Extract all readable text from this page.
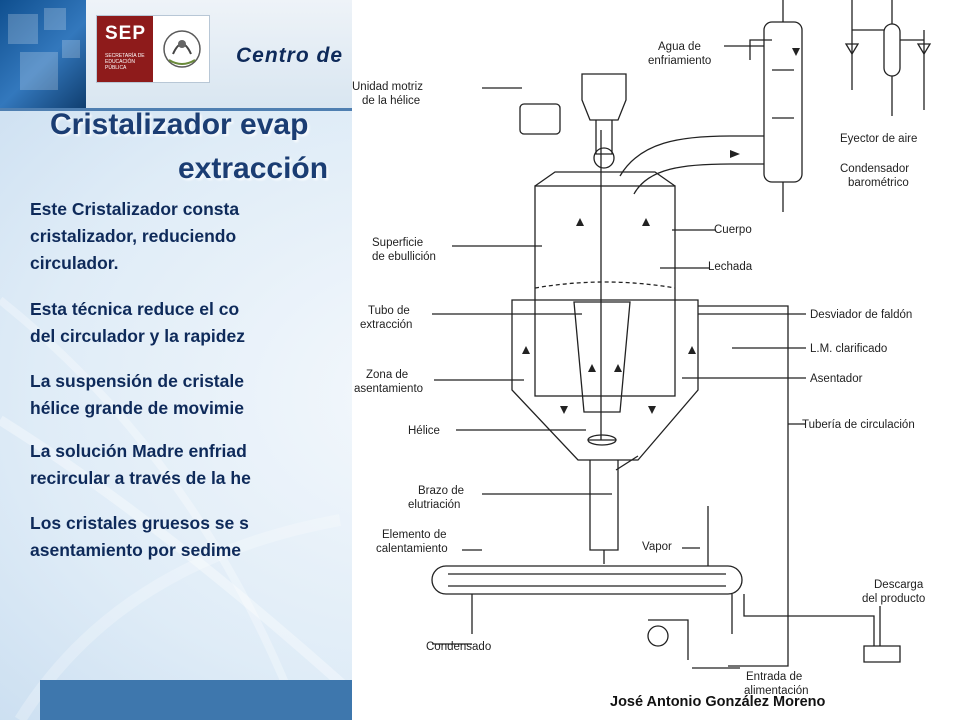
SEP
SECRETARÍA DE EDUCACIÓN PÚBLICA
Centro de
Cristalizador evap
extracción
Este Cristalizador consta
cristalizador, reduciendo
circulador.
Esta técnica reduce el co
del circulador y la rapidez
La suspensión de cristale
hélice grande de movimie
La solución Madre enfriad
recircular a través de la he
Los cristales gruesos se s
asentamiento por sedime
Agua de
enfriamiento
Unidad motriz
de la hélice
Eyector de aire
Condensador
barométrico
Cuerpo
Superficie
de ebullición
Lechada
Tubo de
extracción
Desviador de faldón
L.M. clarificado
Zona de
asentamiento
Asentador
Hélice	Tubería de circulación
Brazo de
elutriación
Elemento de
calentamiento	Vapor
Descarga
del producto
Condensado
Entrada de
alimentación
José Antonio González Moreno
